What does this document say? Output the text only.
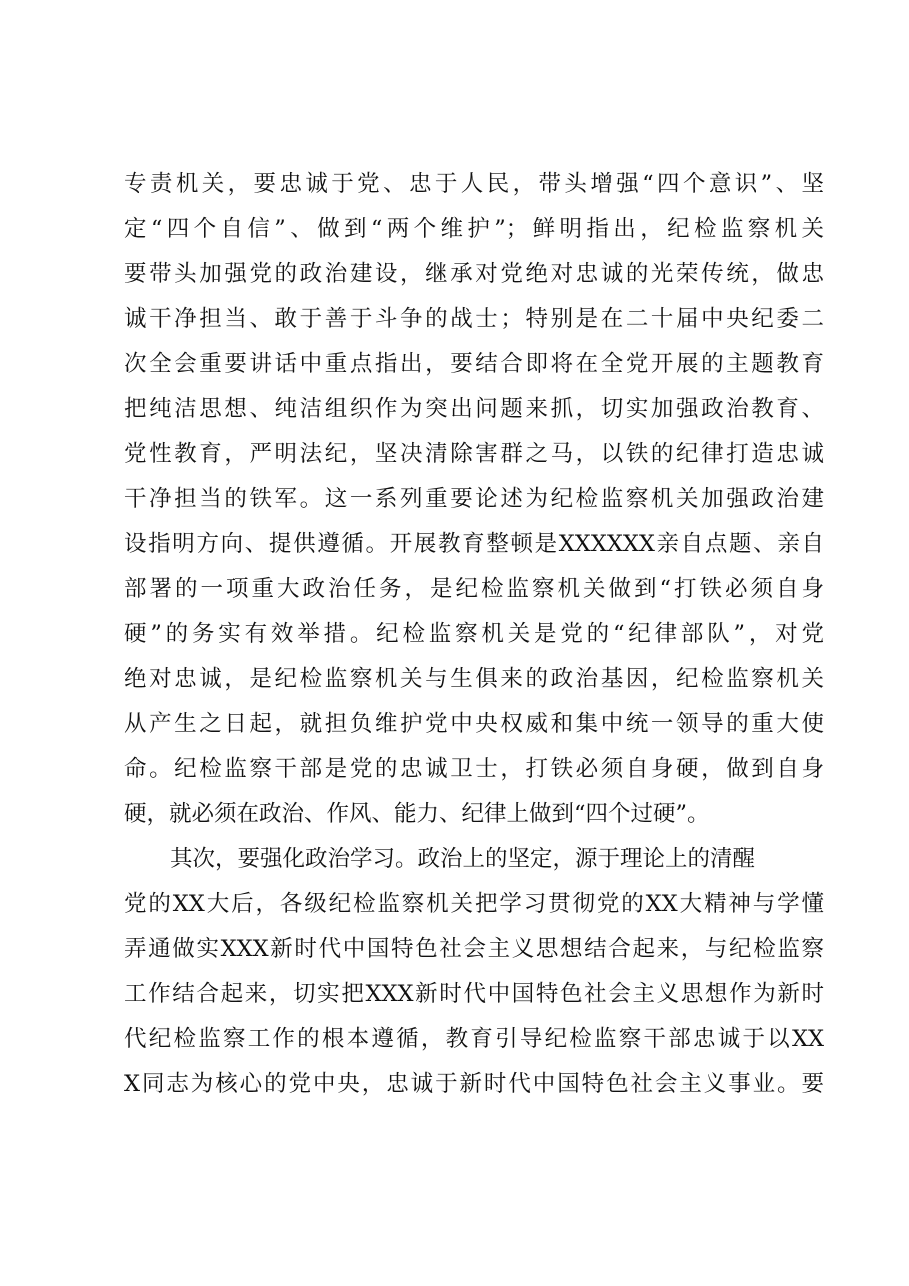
专责机关，要忠诚于党、忠于人民，带头增强“四个意识”、坚
定“四个自信”、做到“两个维护”；鲜明指出，纪检监察机关
要带头加强党的政治建设，继承对党绝对忠诚的光荣传统，做忠
诚干净担当、敢于善于斗争的战士；特别是在二十届中央纪委二
次全会重要讲话中重点指出，要结合即将在全党开展的主题教育
把纯洁思想、纯洁组织作为突出问题来抓，切实加强政治教育、
党性教育，严明法纪，坚决清除害群之马，以铁的纪律打造忠诚
干净担当的铁军。这一系列重要论述为纪检监察机关加强政治建
设指明方向、提供遵循。开展教育整顿是XXXXXX亲自点题、亲自
部署的一项重大政治任务，是纪检监察机关做到“打铁必须自身
硬”的务实有效举措。纪检监察机关是党的“纪律部队”，对党
绝对忠诚，是纪检监察机关与生俱来的政治基因，纪检监察机关
从产生之日起，就担负维护党中央权威和集中统一领导的重大使
命。纪检监察干部是党的忠诚卫士，打铁必须自身硬，做到自身
硬，就必须在政治、作风、能力、纪律上做到“四个过硬”。
其次，要强化政治学习。政治上的坚定，源于理论上的清醒
党的XX大后，各级纪检监察机关把学习贯彻党的XX大精神与学懂
弄通做实XXX新时代中国特色社会主义思想结合起来，与纪检监察
工作结合起来，切实把XXX新时代中国特色社会主义思想作为新时
代纪检监察工作的根本遵循，教育引导纪检监察干部忠诚于以XX
X同志为核心的党中央，忠诚于新时代中国特色社会主义事业。要
